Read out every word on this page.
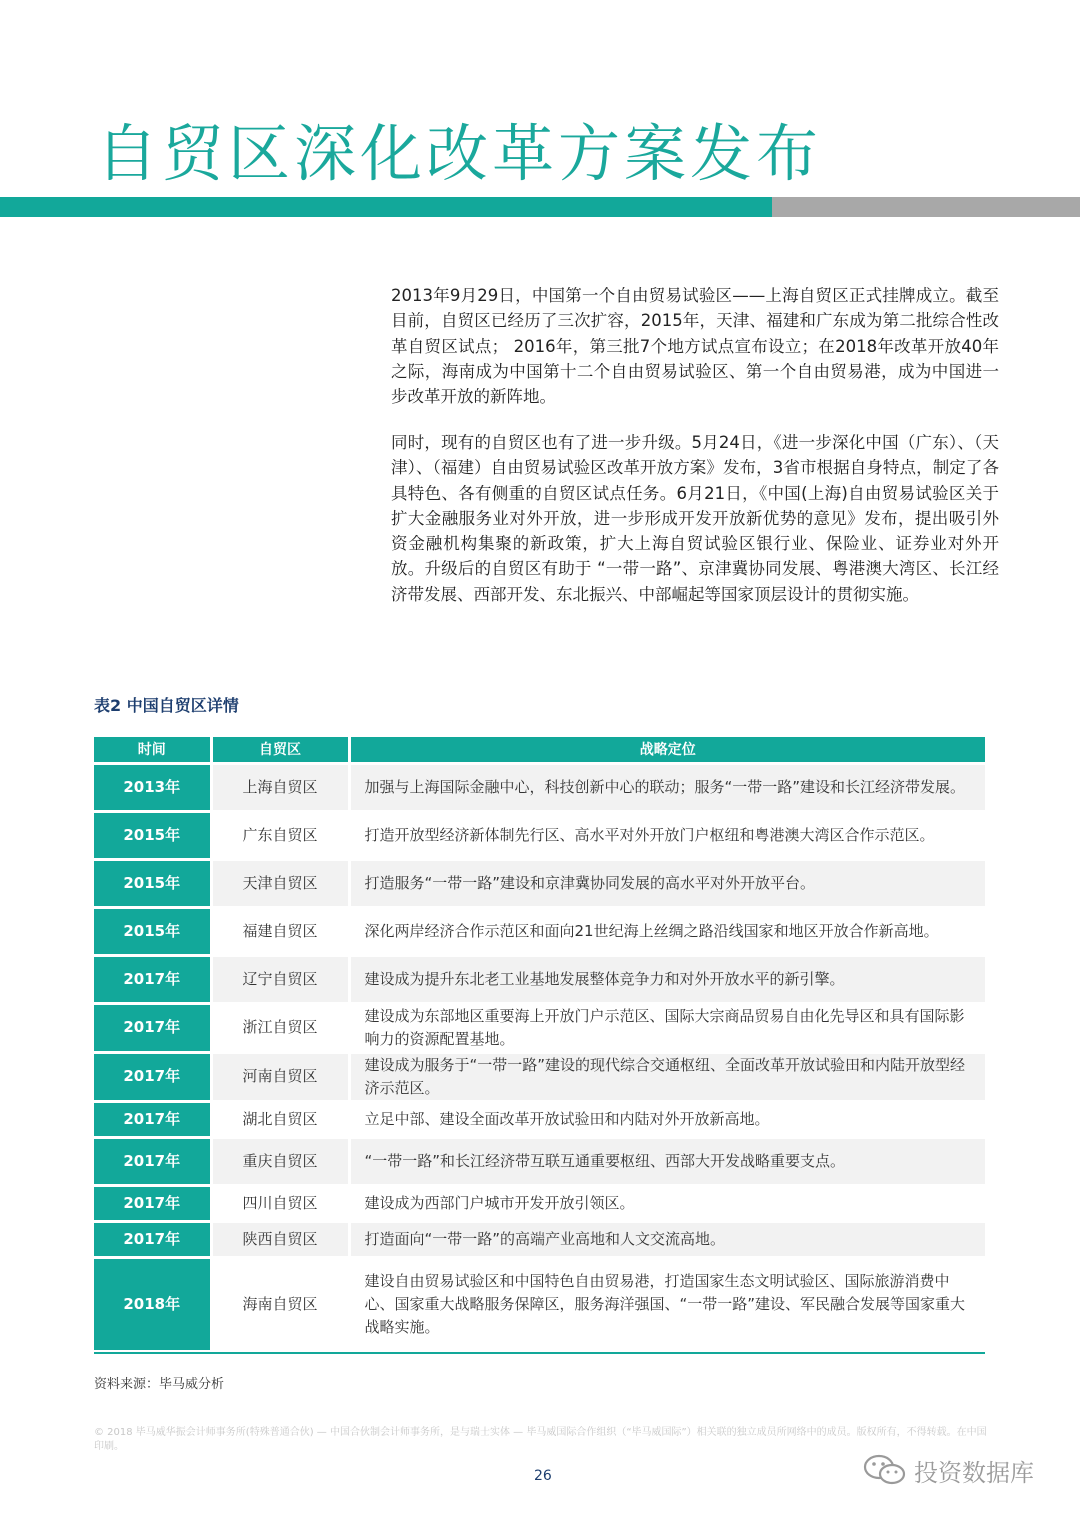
自贸区深化改革方案发布

2013年9月29日，中国第一个自由贸易试验区——上海自贸区正式挂牌成立。截至目前，自贸区已经历了三次扩容，2015年，天津、福建和广东成为第二批综合性改革自贸区试点； 2016年，第三批7个地方试点宣布设立；在2018年改革开放40年之际，海南成为中国第十二个自由贸易试验区、第一个自由贸易港，成为中国进一步改革开放的新阵地。

同时，现有的自贸区也有了进一步升级。5月24日，《进一步深化中国（广东）、（天津）、（福建）自由贸易试验区改革开放方案》发布，3省市根据自身特点，制定了各具特色、各有侧重的自贸区试点任务。6月21日，《中国(上海)自由贸易试验区关于扩大金融服务业对外开放，进一步形成开发开放新优势的意见》发布，提出吸引外资金融机构集聚的新政策，扩大上海自贸试验区银行业、保险业、证券业对外开放。升级后的自贸区有助于 “一带一路”、京津冀协同发展、粤港澳大湾区、长江经济带发展、西部开发、东北振兴、中部崛起等国家顶层设计的贯彻实施。

表2 中国自贸区详情
时间	自贸区	战略定位
2013年	上海自贸区	加强与上海国际金融中心，科技创新中心的联动；服务“一带一路”建设和长江经济带发展。
2015年	广东自贸区	打造开放型经济新体制先行区、高水平对外开放门户枢纽和粤港澳大湾区合作示范区。
2015年	天津自贸区	打造服务“一带一路”建设和京津冀协同发展的高水平对外开放平台。
2015年	福建自贸区	深化两岸经济合作示范区和面向21世纪海上丝绸之路沿线国家和地区开放合作新高地。
2017年	辽宁自贸区	建设成为提升东北老工业基地发展整体竞争力和对外开放水平的新引擎。
2017年	浙江自贸区	建设成为东部地区重要海上开放门户示范区、国际大宗商品贸易自由化先导区和具有国际影响力的资源配置基地。
2017年	河南自贸区	建设成为服务于“一带一路”建设的现代综合交通枢纽、全面改革开放试验田和内陆开放型经济示范区。
2017年	湖北自贸区	立足中部、建设全面改革开放试验田和内陆对外开放新高地。
2017年	重庆自贸区	“一带一路”和长江经济带互联互通重要枢纽、西部大开发战略重要支点。
2017年	四川自贸区	建设成为西部门户城市开发开放引领区。
2017年	陕西自贸区	打造面向“一带一路”的高端产业高地和人文交流高地。
2018年	海南自贸区	建设自由贸易试验区和中国特色自由贸易港，打造国家生态文明试验区、国际旅游消费中心、国家重大战略服务保障区，服务海洋强国、“一带一路”建设、军民融合发展等国家重大战略实施。
资料来源：毕马威分析
© 2018 毕马威华振会计师事务所(特殊普通合伙) — 中国合伙制会计师事务所，是与瑞士实体 — 毕马威国际合作组织（“毕马威国际”）相关联的独立成员所网络中的成员。版权所有，不得转载。在中国印刷。
26	投资数据库
